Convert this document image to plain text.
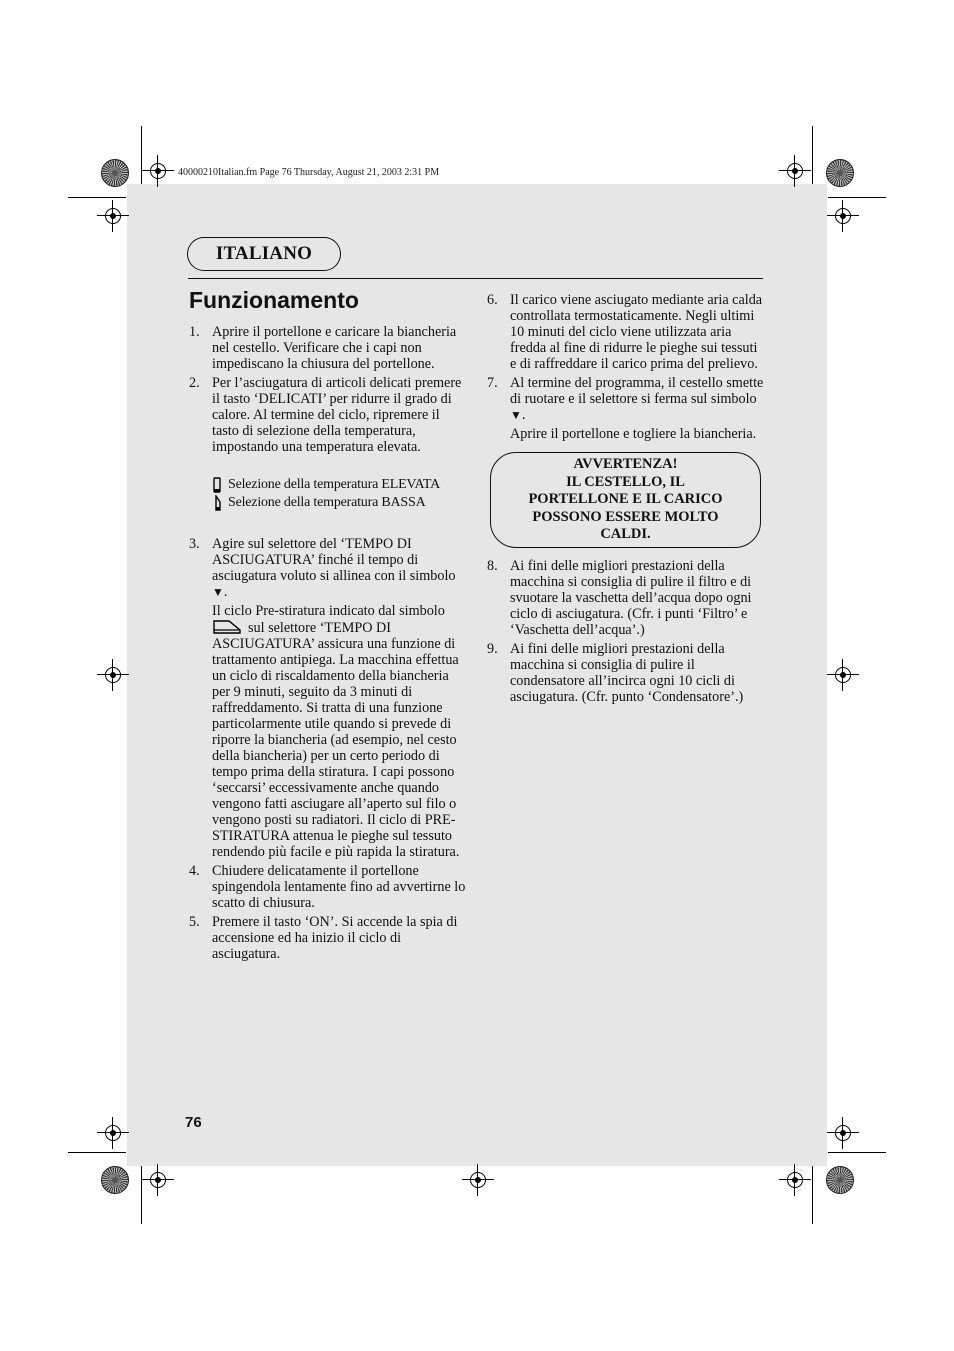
40000210Italian.fm Page 76 Thursday, August 21, 2003 2:31 PM
ITALIANO
Funzionamento
1. Aprire il portellone e caricare la biancheria nel cestello. Verificare che i capi non impediscano la chiusura del portellone.
2. Per l’asciugatura di articoli delicati premere il tasto ‘DELICATI’ per ridurre il grado di calore. Al termine del ciclo, ripremere il tasto di selezione della temperatura, impostando una temperatura elevata.
Selezione della temperatura ELEVATA
Selezione della temperatura BASSA
3. Agire sul selettore del ‘TEMPO DI ASCIUGATURA’ finché il tempo di asciugatura voluto si allinea con il simbolo ▼.
Il ciclo Pre-stiratura indicato dal simbolo
sul selettore ‘TEMPO DI ASCIUGATURA’ assicura una funzione di trattamento antipiega. La macchina effettua un ciclo di riscaldamento della biancheria per 9 minuti, seguito da 3 minuti di raffreddamento. Si tratta di una funzione particolarmente utile quando si prevede di riporre la biancheria (ad esempio, nel cesto della biancheria) per un certo periodo di tempo prima della stiratura. I capi possono ‘seccarsi’ eccessivamente anche quando vengono fatti asciugare all’aperto sul filo o vengono posti su radiatori. Il ciclo di PRE-STIRATURA attenua le pieghe sul tessuto rendendo più facile e più rapida la stiratura.
4. Chiudere delicatamente il portellone spingendola lentamente fino ad avvertirne lo scatto di chiusura.
5. Premere il tasto ‘ON’. Si accende la spia di accensione ed ha inizio il ciclo di asciugatura.
6. Il carico viene asciugato mediante aria calda controllata termostaticamente. Negli ultimi 10 minuti del ciclo viene utilizzata aria fredda al fine di ridurre le pieghe sui tessuti e di raffreddare il carico prima del prelievo.
7. Al termine del programma, il cestello smette di ruotare e il selettore si ferma sul simbolo ▼.
Aprire il portellone e togliere la biancheria.
AVVERTENZA!
IL CESTELLO, IL
PORTELLONE E IL CARICO
POSSONO ESSERE MOLTO
CALDI.
8. Ai fini delle migliori prestazioni della macchina si consiglia di pulire il filtro e di svuotare la vaschetta dell’acqua dopo ogni ciclo di asciugatura. (Cfr. i punti ‘Filtro’ e ‘Vaschetta dell’acqua’.)
9. Ai fini delle migliori prestazioni della macchina si consiglia di pulire il condensatore all’incirca ogni 10 cicli di asciugatura. (Cfr. punto ‘Condensatore’.)
76
